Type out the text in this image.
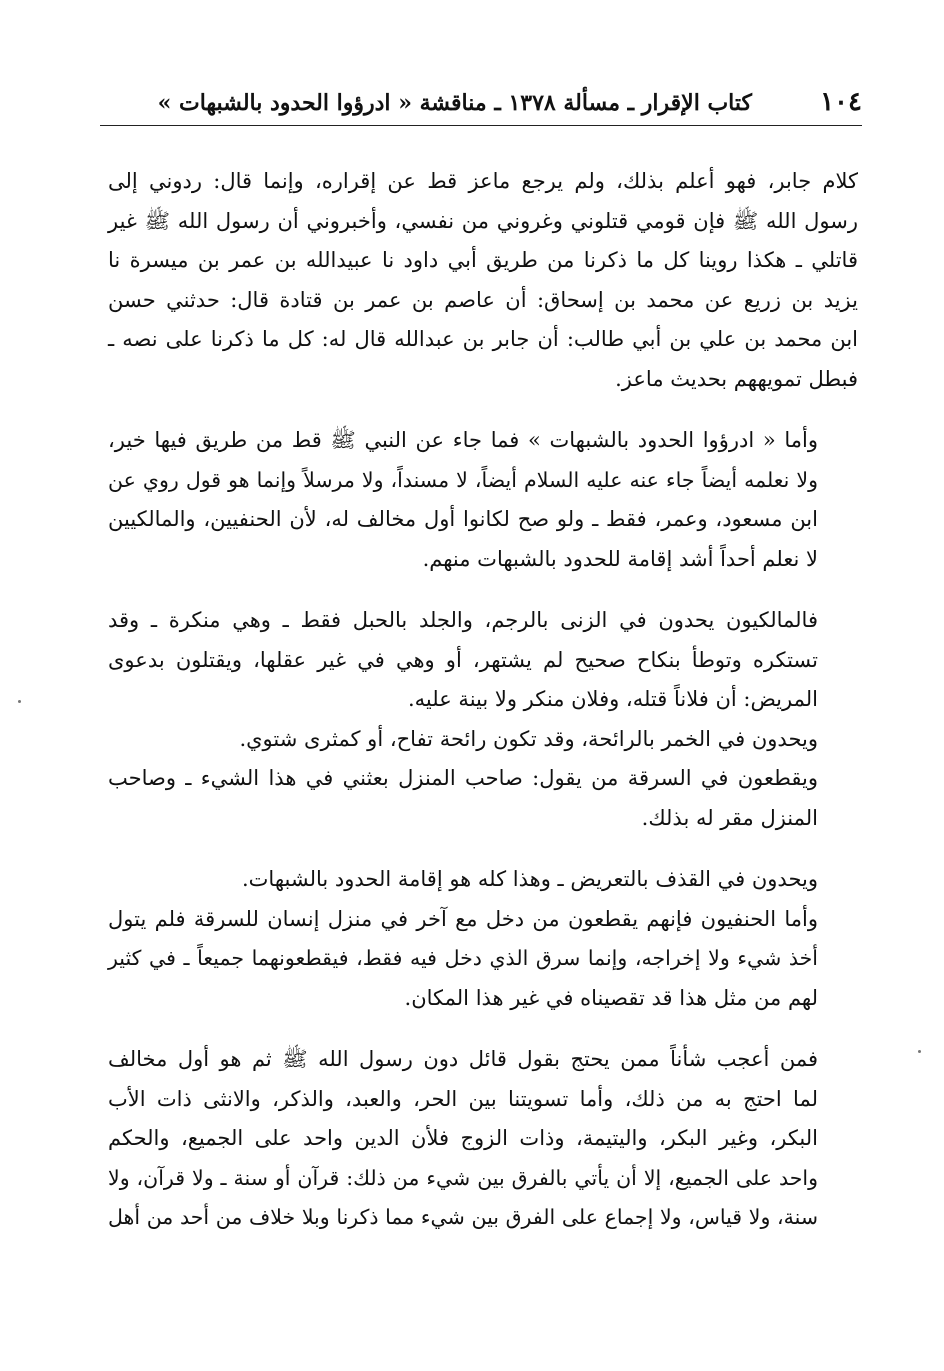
١٠٤
كتاب الإقرار ـ مسألة ١٣٧٨ ـ مناقشة « ادرؤوا الحدود بالشبهات »

كلام جابر، فهو أعلم بذلك، ولم يرجع ماعز قط عن إقراره، وإنما قال: ردوني إلى
رسول الله ﷺ فإن قومي قتلوني وغروني من نفسي، وأخبروني أن رسول الله ﷺ غير
قاتلي ـ هكذا روينا كل ما ذكرنا من طريق أبي داود نا عبيدالله بن عمر بن ميسرة نا
يزيد بن زريع عن محمد بن إسحاق: أن عاصم بن عمر بن قتادة قال: حدثني حسن
ابن محمد بن علي بن أبي طالب: أن جابر بن عبدالله قال له: كل ما ذكرنا على نصه ـ
فبطل تمويههم بحديث ماعز.

وأما « ادرؤوا الحدود بالشبهات » فما جاء عن النبي ﷺ قط من طريق فيها خير،
ولا نعلمه أيضاً جاء عنه عليه السلام أيضاً، لا مسنداً، ولا مرسلاً وإنما هو قول روي عن
ابن مسعود، وعمر، فقط ـ ولو صح لكانوا أول مخالف له، لأن الحنفيين، والمالكيين
لا نعلم أحداً أشد إقامة للحدود بالشبهات منهم.

فالمالكيون يحدون في الزنى بالرجم، والجلد بالحبل فقط ـ وهي منكرة ـ وقد
تستكره وتوطأ بنكاح صحيح لم يشتهر، أو وهي في غير عقلها، ويقتلون بدعوى
المريض: أن فلاناً قتله، وفلان منكر ولا بينة عليه.

ويحدون في الخمر بالرائحة، وقد تكون رائحة تفاح، أو كمثرى شتوي.

ويقطعون في السرقة من يقول: صاحب المنزل بعثني في هذا الشيء ـ وصاحب
المنزل مقر له بذلك.

ويحدون في القذف بالتعريض ـ وهذا كله هو إقامة الحدود بالشبهات.

وأما الحنفيون فإنهم يقطعون من دخل مع آخر في منزل إنسان للسرقة فلم يتول
أخذ شيء ولا إخراجه، وإنما سرق الذي دخل فيه فقط، فيقطعونهما جميعاً ـ في كثير
لهم من مثل هذا قد تقصيناه في غير هذا المكان.

فمن أعجب شأناً ممن يحتج بقول قائل دون رسول الله ﷺ ثم هو أول مخالف
لما احتج به من ذلك، وأما تسويتنا بين الحر، والعبد، والذكر، والانثى ذات الأب
البكر، وغير البكر، واليتيمة، وذات الزوج فلأن الدين واحد على الجميع، والحكم
واحد على الجميع، إلا أن يأتي بالفرق بين شيء من ذلك: قرآن أو سنة ـ ولا قرآن، ولا
سنة، ولا قياس، ولا إجماع على الفرق بين شيء مما ذكرنا وبلا خلاف من أحد من أهل
